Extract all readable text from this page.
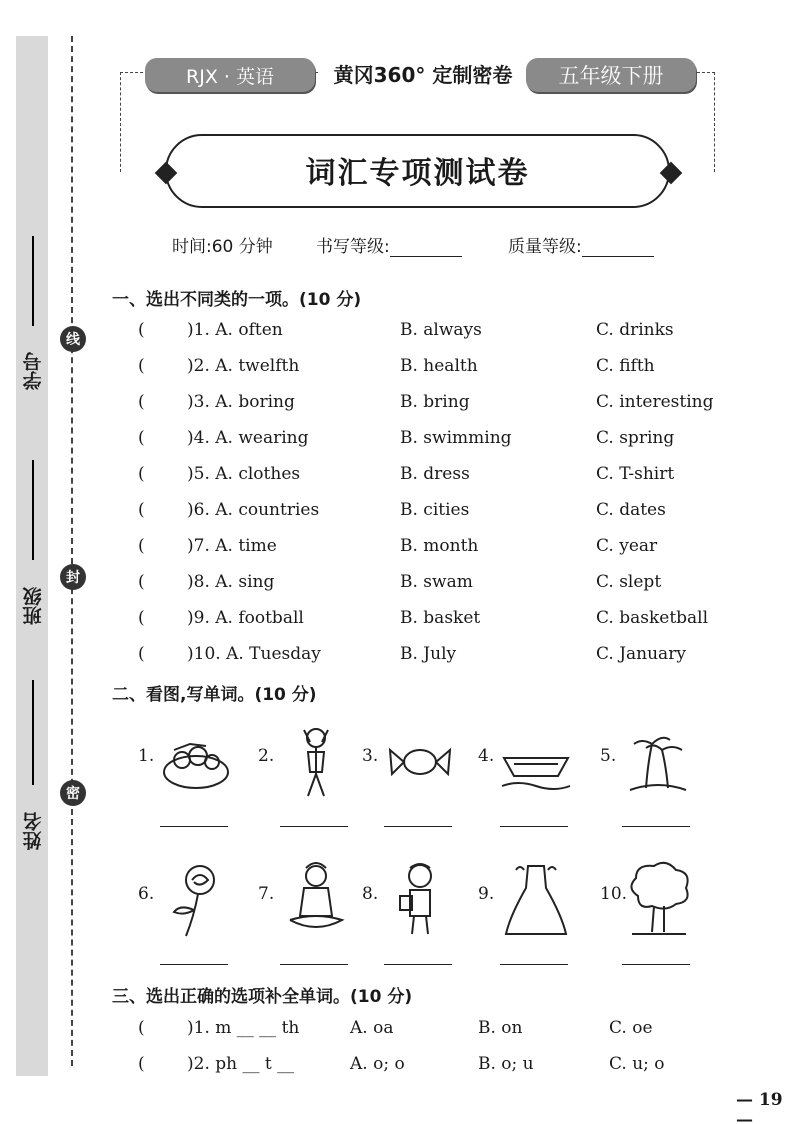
学号
班级
姓名
线
封
密
RJX · 英语	黄冈360° 定制密卷	五年级下册
词汇专项测试卷
时间:60 分钟	书写等级:	质量等级:
一、选出不同类的一项。(10 分)
( )1. A. often	B. always	C. drinks
( )2. A. twelfth	B. health	C. fifth
( )3. A. boring	B. bring	C. interesting
( )4. A. wearing	B. swimming	C. spring
( )5. A. clothes	B. dress	C. T-shirt
( )6. A. countries	B. cities	C. dates
( )7. A. time	B. month	C. year
( )8. A. sing	B. swam	C. slept
( )9. A. football	B. basket	C. basketball
( )10. A. Tuesday	B. July	C. January
二、看图,写单词。(10 分)
1.	2.	3.	4.	5.
6.	7.	8.	9.	10.
三、选出正确的选项补全单词。(10 分)
( )1. m __ __ th	A. oa	B. on	C. oe
( )2. ph __ t __	A. o; o	B. o; u	C. u; o
— 19 —
